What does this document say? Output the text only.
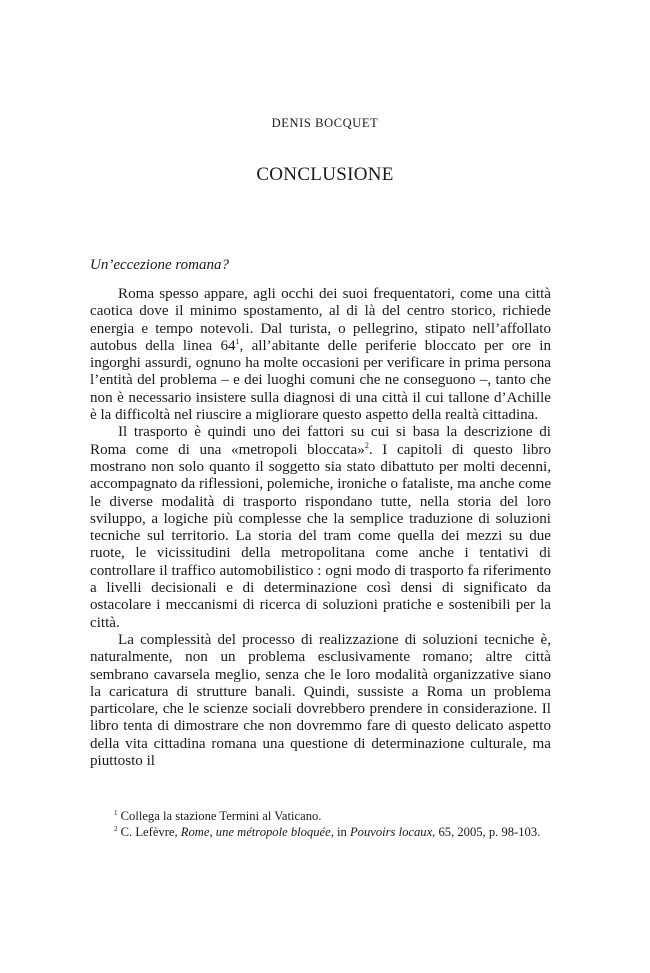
DENIS BOCQUET
CONCLUSIONE
Un’eccezione romana?

Roma spesso appare, agli occhi dei suoi frequentatori, come una città caotica dove il minimo spostamento, al di là del centro storico, richiede energia e tempo notevoli. Dal turista, o pellegrino, stipato nell’affollato autobus della linea $64^1$, all’abitante delle periferie bloccato per ore in ingorghi assurdi, ognuno ha molte occasioni per verificare in prima persona l’entità del problema – e dei luoghi comuni che ne conseguono –, tanto che non è necessario insistere sulla diagnosi di una città il cui tallone d’Achille è la difficoltà nel riuscire a migliorare questo aspetto della realtà cittadina.

Il trasporto è quindi uno dei fattori su cui si basa la descrizione di Roma come di una «metropoli bloccata»$^2$. I capitoli di questo libro mostrano non solo quanto il soggetto sia stato dibattuto per molti decenni, accompagnato da riflessioni, polemiche, ironiche o fataliste, ma anche come le diverse modalità di trasporto rispondano tutte, nella storia del loro sviluppo, a logiche più complesse che la semplice traduzione di soluzioni tecniche sul territorio. La storia del tram come quella dei mezzi su due ruote, le vicissitudini della metropolitana come anche i tentativi di controllare il traffico automobilistico : ogni modo di trasporto fa riferimento a livelli decisionali e di determinazione così densi di significato da ostacolare i meccanismi di ricerca di soluzioni pratiche e sostenibili per la città.

La complessità del processo di realizzazione di soluzioni tecniche è, naturalmente, non un problema esclusivamente romano; altre città sembrano cavarsela meglio, senza che le loro modalità organizzative siano la caricatura di strutture banali. Quindi, sussiste a Roma un problema particolare, che le scienze sociali dovrebbero prendere in considerazione. Il libro tenta di dimostrare che non dovremmo fare di questo delicato aspetto della vita cittadina romana una questione di determinazione culturale, ma piuttosto il

$^1$ Collega la stazione Termini al Vaticano.

$^2$ C. Lefèvre, Rome, une métropole bloquée, in Pouvoirs locaux, 65, 2005, p. 98-103.
